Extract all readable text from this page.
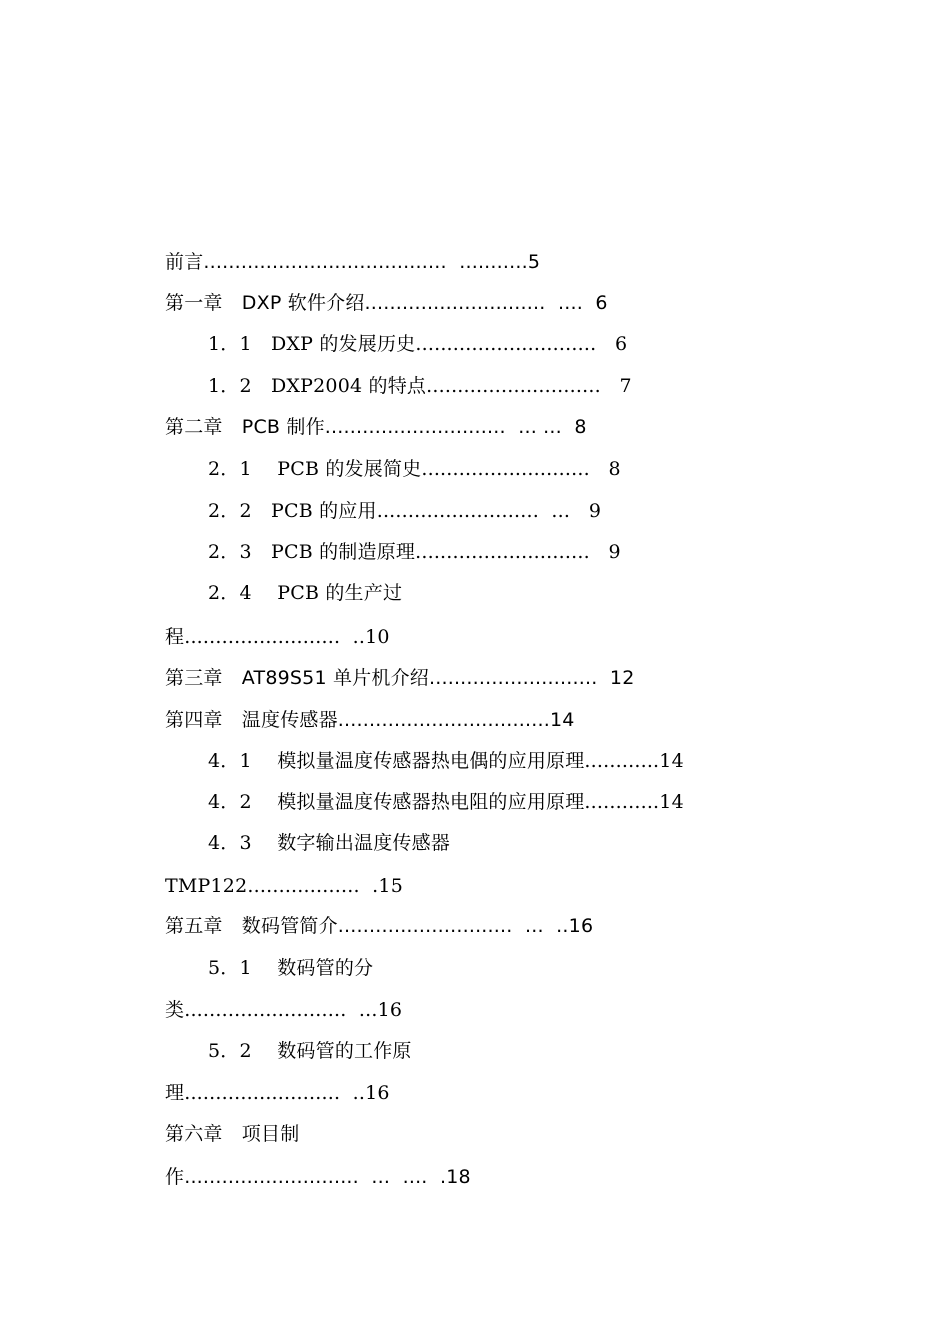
前言.......................................  ...........5
第一章　DXP 软件介绍.............................  ....  6
1．1　DXP 的发展历史.............................   6
1．2　DXP2004 的特点............................   7
第二章　PCB 制作.............................  ... ...  8
2．1　 PCB 的发展简史...........................   8
2．2　PCB 的应用..........................  ...   9
2．3　PCB 的制造原理............................   9
2．4　 PCB 的生产过
程.........................  ..10
第三章　AT89S51 单片机介绍...........................  12
第四章　温度传感器..................................14
4．1　 模拟量温度传感器热电偶的应用原理............14
4．2　 模拟量温度传感器热电阻的应用原理............14
4．3　 数字输出温度传感器
TMP122..................  .15
第五章　数码管简介............................  ...  ..16
5．1　 数码管的分
类..........................  ...16
5．2　 数码管的工作原
理.........................  ..16
第六章　项目制
作............................  ...  ....  .18
